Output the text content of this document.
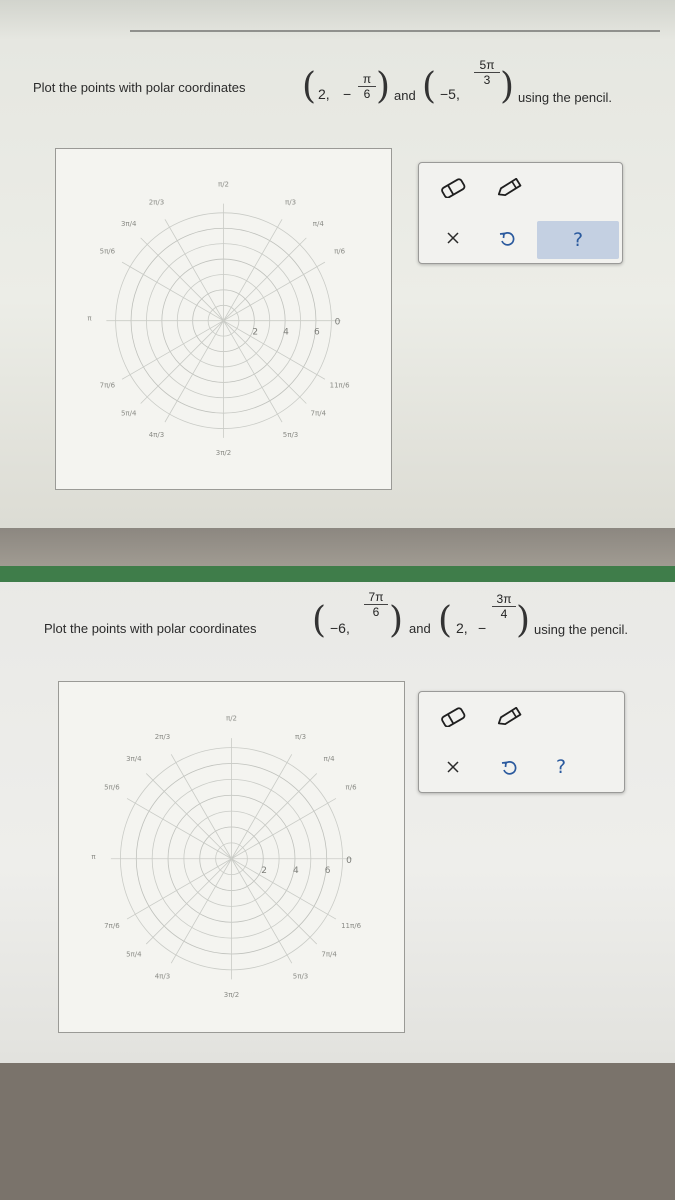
Plot the points with polar coordinates ( 2, − $\frac{\pi}{6}$ ) and ( −5,
$\frac{5\pi}{3}$ ) using the pencil.
2	4	6
0
π/2
π/3
π/4
π/6
2π/3
3π/4
5π/6
π
7π/6
5π/4
4π/3
3π/2
5π/3
7π/4
11π/6
?
Plot the points with polar coordinates ( −6,
$\frac{7\pi}{6}$ ) and ( 2, −
$\frac{3\pi}{4}$ ) using the pencil.
2	4	6
0
π/2
π/3
π/4
π/6
2π/3
3π/4
5π/6
π
7π/6
5π/4
4π/3
3π/2
5π/3
7π/4
11π/6
?
